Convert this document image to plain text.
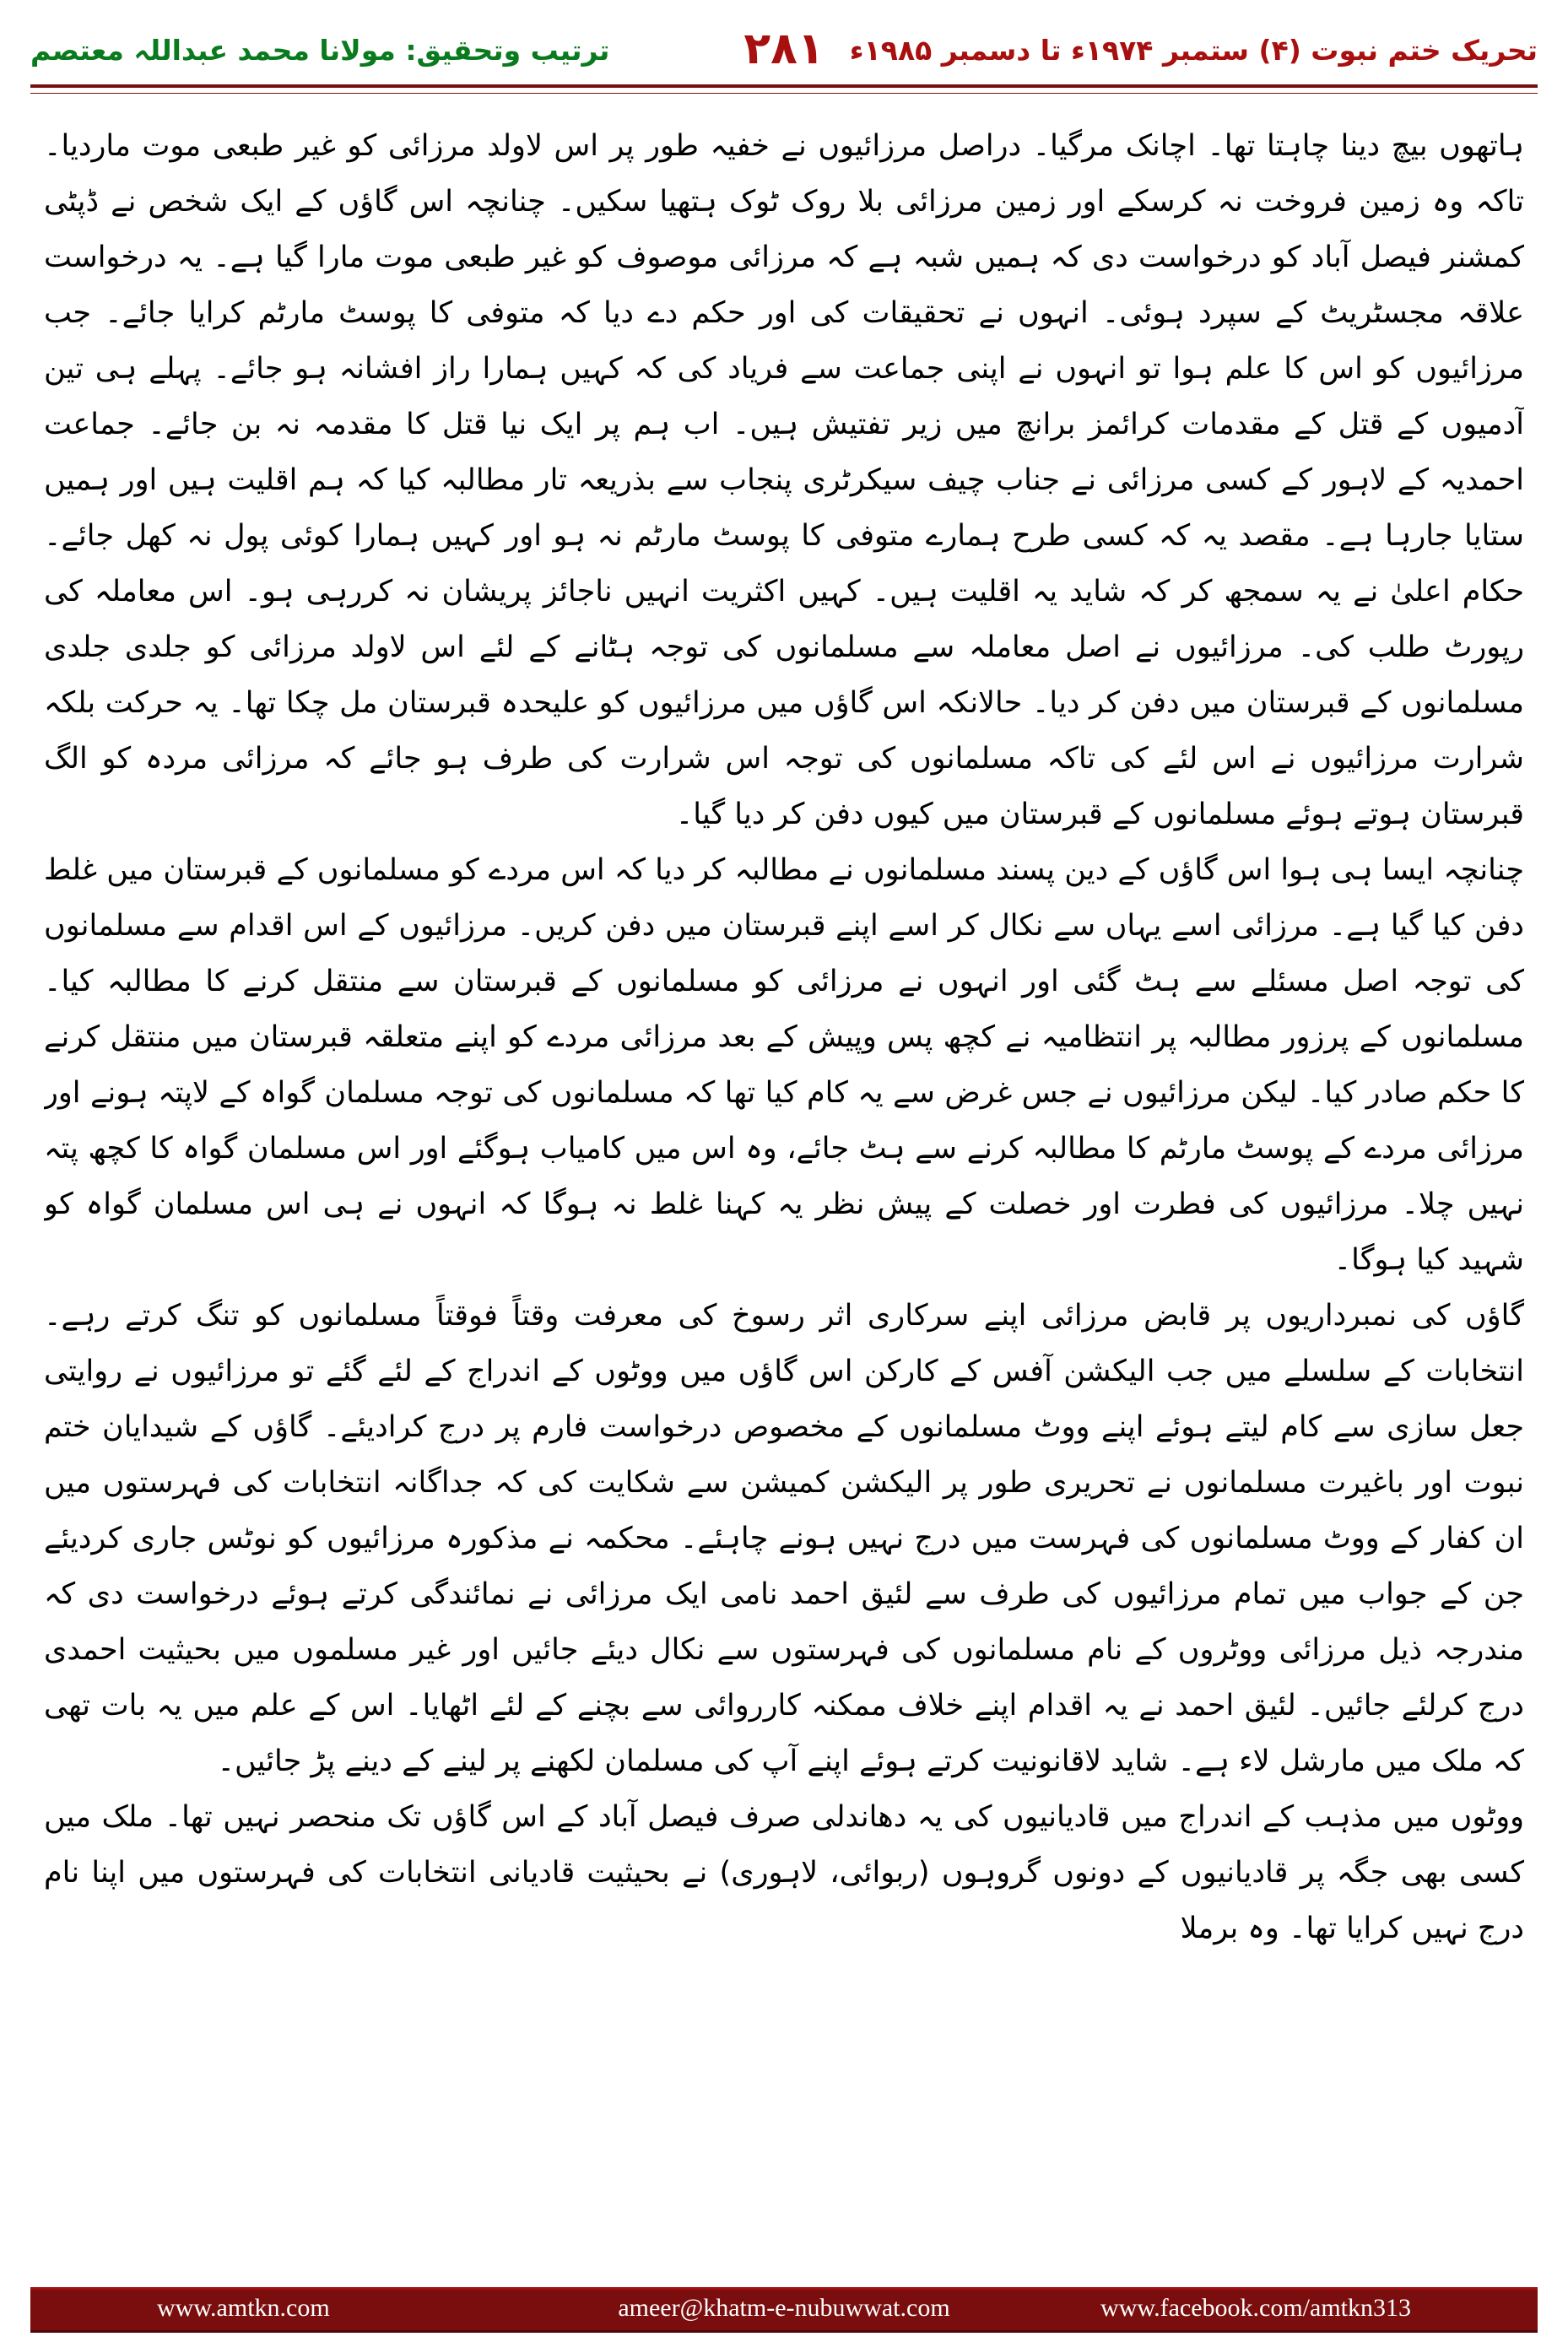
ترتیب وتحقیق: مولانا محمد عبداللہ معتصم	۲۸۱ تحریک ختم نبوت (۴) ستمبر ۱۹۷۴ء تا دسمبر ۱۹۸۵ء

ہاتھوں بیچ دینا چاہتا تھا۔ اچانک مرگیا۔ دراصل مرزائیوں نے خفیہ طور پر اس لاولد مرزائی کو غیر طبعی موت ماردیا۔ تاکہ وہ زمین فروخت نہ کرسکے اور زمین مرزائی بلا روک ٹوک ہتھیا سکیں۔ چنانچہ اس گاؤں کے ایک شخص نے ڈپٹی کمشنر فیصل آباد کو درخواست دی کہ ہمیں شبہ ہے کہ مرزائی موصوف کو غیر طبعی موت مارا گیا ہے۔ یہ درخواست علاقہ مجسٹریٹ کے سپرد ہوئی۔ انہوں نے تحقیقات کی اور حکم دے دیا کہ متوفی کا پوسٹ مارٹم کرایا جائے۔ جب مرزائیوں کو اس کا علم ہوا تو انہوں نے اپنی جماعت سے فریاد کی کہ کہیں ہمارا راز افشانہ ہو جائے۔ پہلے ہی تین آدمیوں کے قتل کے مقدمات کرائمز برانچ میں زیر تفتیش ہیں۔ اب ہم پر ایک نیا قتل کا مقدمہ نہ بن جائے۔ جماعت احمدیہ کے لاہور کے کسی مرزائی نے جناب چیف سیکرٹری پنجاب سے بذریعہ تار مطالبہ کیا کہ ہم اقلیت ہیں اور ہمیں ستایا جارہا ہے۔ مقصد یہ کہ کسی طرح ہمارے متوفی کا پوسٹ مارٹم نہ ہو اور کہیں ہمارا کوئی پول نہ کھل جائے۔ حکام اعلیٰ نے یہ سمجھ کر کہ شاید یہ اقلیت ہیں۔ کہیں اکثریت انہیں ناجائز پریشان نہ کررہی ہو۔ اس معاملہ کی رپورٹ طلب کی۔ مرزائیوں نے اصل معاملہ سے مسلمانوں کی توجہ ہٹانے کے لئے اس لاولد مرزائی کو جلدی جلدی مسلمانوں کے قبرستان میں دفن کر دیا۔ حالانکہ اس گاؤں میں مرزائیوں کو علیحدہ قبرستان مل چکا تھا۔ یہ حرکت بلکہ شرارت مرزائیوں نے اس لئے کی تاکہ مسلمانوں کی توجہ اس شرارت کی طرف ہو جائے کہ مرزائی مردہ کو الگ قبرستان ہوتے ہوئے مسلمانوں کے قبرستان میں کیوں دفن کر دیا گیا۔

چنانچہ ایسا ہی ہوا اس گاؤں کے دین پسند مسلمانوں نے مطالبہ کر دیا کہ اس مردے کو مسلمانوں کے قبرستان میں غلط دفن کیا گیا ہے۔ مرزائی اسے یہاں سے نکال کر اسے اپنے قبرستان میں دفن کریں۔ مرزائیوں کے اس اقدام سے مسلمانوں کی توجہ اصل مسئلے سے ہٹ گئی اور انہوں نے مرزائی کو مسلمانوں کے قبرستان سے منتقل کرنے کا مطالبہ کیا۔ مسلمانوں کے پرزور مطالبہ پر انتظامیہ نے کچھ پس وپیش کے بعد مرزائی مردے کو اپنے متعلقہ قبرستان میں منتقل کرنے کا حکم صادر کیا۔ لیکن مرزائیوں نے جس غرض سے یہ کام کیا تھا کہ مسلمانوں کی توجہ مسلمان گواہ کے لاپتہ ہونے اور مرزائی مردے کے پوسٹ مارٹم کا مطالبہ کرنے سے ہٹ جائے، وہ اس میں کامیاب ہوگئے اور اس مسلمان گواہ کا کچھ پتہ نہیں چلا۔ مرزائیوں کی فطرت اور خصلت کے پیش نظر یہ کہنا غلط نہ ہوگا کہ انہوں نے ہی اس مسلمان گواہ کو شہید کیا ہوگا۔

گاؤں کی نمبرداریوں پر قابض مرزائی اپنے سرکاری اثر رسوخ کی معرفت وقتاً فوقتاً مسلمانوں کو تنگ کرتے رہے۔ انتخابات کے سلسلے میں جب الیکشن آفس کے کارکن اس گاؤں میں ووٹوں کے اندراج کے لئے گئے تو مرزائیوں نے روایتی جعل سازی سے کام لیتے ہوئے اپنے ووٹ مسلمانوں کے مخصوص درخواست فارم پر درج کرادیئے۔ گاؤں کے شیدایان ختم نبوت اور باغیرت مسلمانوں نے تحریری طور پر الیکشن کمیشن سے شکایت کی کہ جداگانہ انتخابات کی فہرستوں میں ان کفار کے ووٹ مسلمانوں کی فہرست میں درج نہیں ہونے چاہئے۔ محکمہ نے مذکورہ مرزائیوں کو نوٹس جاری کردیئے جن کے جواب میں تمام مرزائیوں کی طرف سے لئیق احمد نامی ایک مرزائی نے نمائندگی کرتے ہوئے درخواست دی کہ مندرجہ ذیل مرزائی ووٹروں کے نام مسلمانوں کی فہرستوں سے نکال دیئے جائیں اور غیر مسلموں میں بحیثیت احمدی درج کرلئے جائیں۔ لئیق احمد نے یہ اقدام اپنے خلاف ممکنہ کارروائی سے بچنے کے لئے اٹھایا۔ اس کے علم میں یہ بات تھی کہ ملک میں مارشل لاء ہے۔ شاید لاقانونیت کرتے ہوئے اپنے آپ کی مسلمان لکھنے پر لینے کے دینے پڑ جائیں۔

ووٹوں میں مذہب کے اندراج میں قادیانیوں کی یہ دھاندلی صرف فیصل آباد کے اس گاؤں تک منحصر نہیں تھا۔ ملک میں کسی بھی جگہ پر قادیانیوں کے دونوں گروہوں (ربوائی، لاہوری) نے بحیثیت قادیانی انتخابات کی فہرستوں میں اپنا نام درج نہیں کرایا تھا۔ وہ برملا

www.amtkn.com	ameer@khatm-e-nubuwwat.com	www.facebook.com/amtkn313
